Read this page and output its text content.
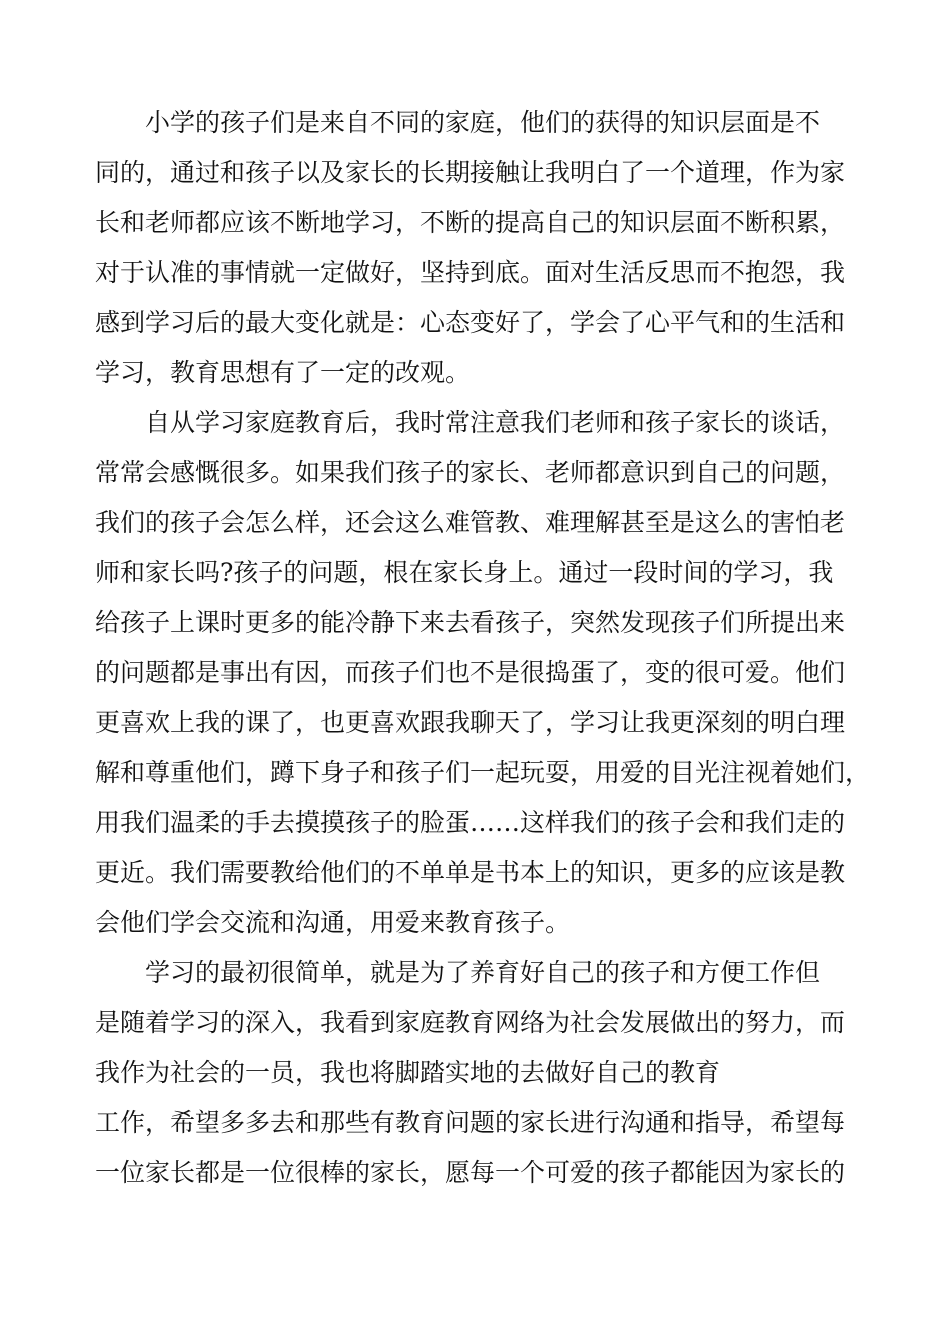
小学的孩子们是来自不同的家庭，他们的获得的知识层面是不
同的，通过和孩子以及家长的长期接触让我明白了一个道理，作为家
长和老师都应该不断地学习，不断的提高自己的知识层面不断积累，
对于认准的事情就一定做好，坚持到底。面对生活反思而不抱怨，我
感到学习后的最大变化就是：心态变好了，学会了心平气和的生活和
学习，教育思想有了一定的改观。
自从学习家庭教育后，我时常注意我们老师和孩子家长的谈话，
常常会感慨很多。如果我们孩子的家长、老师都意识到自己的问题，
我们的孩子会怎么样，还会这么难管教、难理解甚至是这么的害怕老
师和家长吗?孩子的问题，根在家长身上。通过一段时间的学习，我
给孩子上课时更多的能冷静下来去看孩子，突然发现孩子们所提出来
的问题都是事出有因，而孩子们也不是很捣蛋了，变的很可爱。他们
更喜欢上我的课了，也更喜欢跟我聊天了，学习让我更深刻的明白理
解和尊重他们，蹲下身子和孩子们一起玩耍，用爱的目光注视着她们，
用我们温柔的手去摸摸孩子的脸蛋……这样我们的孩子会和我们走的
更近。我们需要教给他们的不单单是书本上的知识，更多的应该是教
会他们学会交流和沟通，用爱来教育孩子。
学习的最初很简单，就是为了养育好自己的孩子和方便工作但
是随着学习的深入，我看到家庭教育网络为社会发展做出的努力，而
我作为社会的一员，我也将脚踏实地的去做好自己的教育
工作，希望多多去和那些有教育问题的家长进行沟通和指导，希望每
一位家长都是一位很棒的家长，愿每一个可爱的孩子都能因为家长的
